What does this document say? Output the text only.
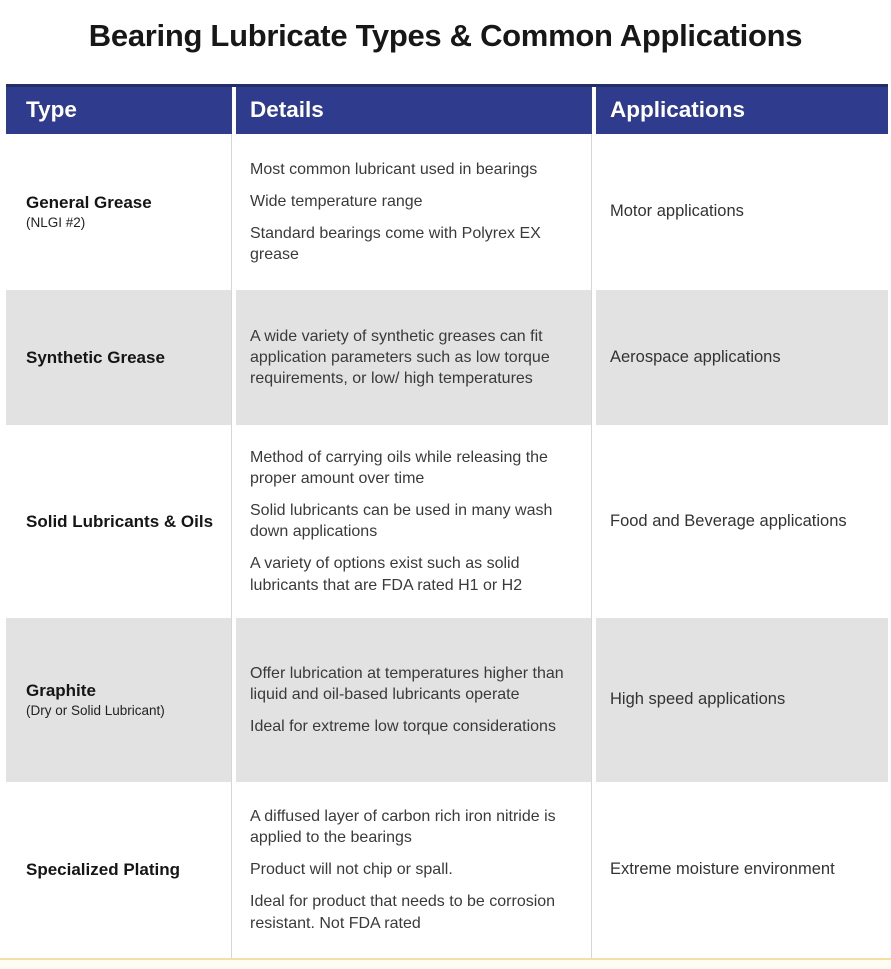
Bearing Lubricate Types & Common Applications
Type	Details	Applications
General Grease
(NLGI #2)

Most common lubricant used in bearings

Wide temperature range

Standard bearings come with Polyrex EX grease

Motor applications
Synthetic Grease

A wide variety of synthetic greases can fit application parameters such as low torque requirements, or low/ high temperatures

Aerospace applications
Solid Lubricants & Oils

Method of carrying oils while releasing the proper amount over time

Solid lubricants can be used in many wash down applications

A variety of options exist such as solid lubricants that are FDA rated H1 or H2

Food and Beverage applications
Graphite
(Dry or Solid Lubricant)

Offer lubrication at temperatures higher than liquid and oil-based lubricants operate

Ideal for extreme low torque considerations

High speed applications
Specialized Plating

A diffused layer of carbon rich iron nitride is applied to the bearings

Product will not chip or spall.

Ideal for product that needs to be corrosion resistant. Not FDA rated

Extreme moisture environment
